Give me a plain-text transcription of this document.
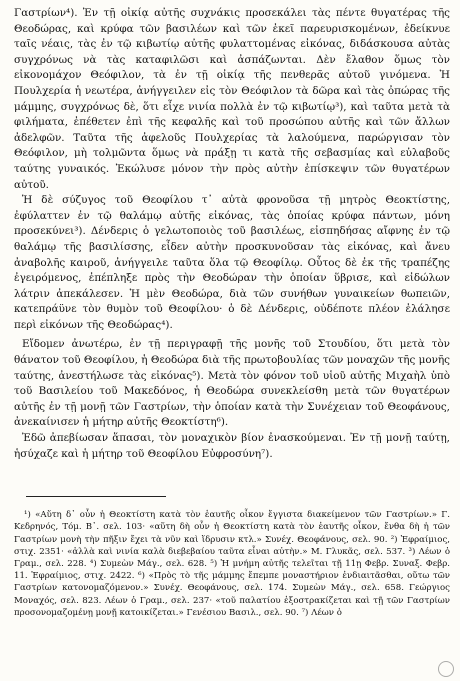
Γαστρίων⁴). Ἐν τῇ οἰκίᾳ αὐτῆς συχνάκις προσεκάλει τὰς πέντε θυγατέρας τῆς Θεοδώρας, καὶ κρύφα τῶν βασιλέων καὶ τῶν ἐκεῖ παρευρισκομένων, ἐδείκνυε ταῖς νέαις, τὰς ἐν τῷ κιβωτίῳ αὐτῆς φυλαττομένας εἰκόνας, διδάσκουσα αὐτὰς συγχρόνως νὰ τὰς καταφιλῶσι καὶ ἀσπάζωνται. Δὲν ἔλαθον ὅμως τὸν εἰκονομάχον Θεόφιλον, τὰ ἐν τῇ οἰκίᾳ τῆς πενθερᾶς αὐτοῦ γινόμενα. Ἡ Πουλχερία ἡ νεωτέρα, ἀνήγγειλεν εἰς τὸν Θεόφιλον τὰ δῶρα καὶ τὰς ὀπώρας τῆς μάμμης, συγχρόνως δὲ, ὅτι εἶχε νινία πολλὰ ἐν τῷ κιβωτίῳ³), καὶ ταῦτα μετὰ τὰ φιλήματα, ἐπέθετεν ἐπὶ τῆς κεφαλῆς καὶ τοῦ προσώπου αὐτῆς καὶ τῶν ἄλλων ἀδελφῶν. Ταῦτα τῆς ἀφελοῦς Πουλχερίας τὰ λαλούμενα, παρώργισαν τὸν Θεόφιλον, μὴ τολμῶντα ὅμως νὰ πράξῃ τι κατὰ τῆς σεβασμίας καὶ εὐλαβοῦς ταύτης γυναικός. Ἐκώλυσε μόνον τὴν πρὸς αὐτὴν ἐπίσκεψιν τῶν θυγατέρων αὐτοῦ.

Ἡ δὲ σύζυγος τοῦ Θεοφίλου τ᾽ αὐτὰ φρονοῦσα τῇ μητρὸς Θεοκτίστης, ἐφύλαττεν ἐν τῷ θαλάμῳ αὐτῆς εἰκόνας, τὰς ὁποίας κρύφα πάντων, μόνη προσεκύνει³). Δένδερις ὁ γελωτοποιὸς τοῦ βασιλέως, εἰσπηδήσας αἴφνης ἐν τῷ θαλάμῳ τῆς βασιλίσσης, εἶδεν αὐτὴν προσκυνοῦσαν τὰς εἰκόνας, καὶ ἄνευ ἀναβολῆς καιροῦ, ἀνήγγειλε ταῦτα ὅλα τῷ Θεοφίλῳ. Οὗτος δὲ ἐκ τῆς τραπέζης ἐγειρόμενος, ἐπέπληξε πρὸς τὴν Θεοδώραν τὴν ὁποίαν ὕβρισε, καὶ εἰδώλων λάτριν ἀπεκάλεσεν. Ἡ μὲν Θεοδώρα, διὰ τῶν συνήθων γυναικείων θωπειῶν, κατεπράϋνε τὸν θυμὸν τοῦ Θεοφίλου· ὁ δὲ Δένδερις, οὐδέποτε πλέον ἐλάλησε περὶ εἰκόνων τῆς Θεοδώρας⁴).

Εἴδομεν ἀνωτέρω, ἐν τῇ περιγραφῇ τῆς μονῆς τοῦ Στουδίου, ὅτι μετὰ τὸν θάνατον τοῦ Θεοφίλου, ἡ Θεοδώρα διὰ τῆς πρωτοβουλίας τῶν μοναχῶν τῆς μονῆς ταύτης, ἀνεστήλωσε τὰς εἰκόνας⁵). Μετὰ τὸν φόνον τοῦ υἱοῦ αὐτῆς Μιχαὴλ ὑπὸ τοῦ Βασιλείου τοῦ Μακεδόνος, ἡ Θεοδώρα συνεκλείσθη μετὰ τῶν θυγατέρων αὐτῆς ἐν τῇ μονῇ τῶν Γαστρίων, τὴν ὁποίαν κατὰ τὴν Συνέχειαν τοῦ Θεοφάνους, ἀνεκαίνισεν ἡ μήτηρ αὐτῆς Θεοκτίστη⁶).

Ἐδῶ ἀπεβίωσαν ἅπασαι, τὸν μοναχικὸν βίον ἐνασκούμεναι. Ἐν τῇ μονῇ ταύτῃ, ἡσύχαζε καὶ ἡ μήτηρ τοῦ Θεοφίλου Εὐφροσύνη⁷).

¹) «Αὕτη δ᾽ οὖν ἡ Θεοκτίστη κατὰ τὸν ἑαυτῆς οἶκον ἔγγιστα διακείμενον τῶν Γαστρίων.» Γ. Κεδρηνός, Τόμ. Β᾽. σελ. 103· «αὕτη δὴ οὖν ἡ Θεοκτίστη κατὰ τὸν ἑαυτῆς οἶκον, ἔνθα δὴ ἡ τῶν Γαστρίων μονὴ τὴν πῆξιν ἔχει τὰ νῦν καὶ ἵδρυσιν κτλ.» Συνέχ. Θεοφάνους, σελ. 90. ²) Ἐφραίμιος, στιχ. 2351· «ἀλλὰ καὶ νινία καλὰ διεβεβαίου ταῦτα εἶναι αὐτὴν.» Μ. Γλυκᾶς, σελ. 537. ³) Λέων ὁ Γραμ., σελ. 228. ⁴) Συμεὼν Μάγ., σελ. 628. ⁵) Ἡ μνήμη αὐτῆς τελεῖται τῇ 11ῃ Φεβρ. Συναξ. Φεβρ. 11. Ἐφραίμιος, στιχ. 2422. ⁶) «Πρὸς τὸ τῆς μάμμης ἔπεμπε μοναστήριον ἐνδιαιτᾶσθαι, οὕτω τῶν Γαστρίων κατονομαζόμενον.» Συνέχ. Θεοφάνους, σελ. 174. Συμεὼν Μάγ., σελ. 658. Γεώργιος Μοναχός, σελ. 823. Λέων ὁ Γραμ., σελ. 237· «τοῦ παλατίου ἐξοστρακίζεται καὶ τῇ τῶν Γαστρίων προσονομαζομένῃ μονῇ κατοικίζεται.» Γενέσιου Βασιλ., σελ. 90. ⁷) Λέων ὁ
